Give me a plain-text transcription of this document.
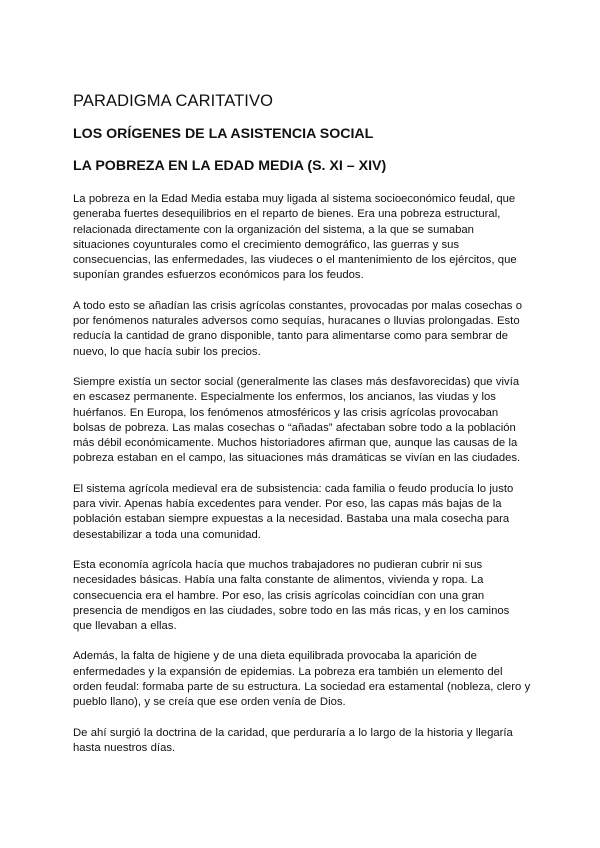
PARADIGMA CARITATIVO
LOS ORÍGENES DE LA ASISTENCIA SOCIAL
LA POBREZA EN LA EDAD MEDIA (S. XI – XIV)

La pobreza en la Edad Media estaba muy ligada al sistema socioeconómico feudal, que generaba fuertes desequilibrios en el reparto de bienes. Era una pobreza estructural, relacionada directamente con la organización del sistema, a la que se sumaban situaciones coyunturales como el crecimiento demográfico, las guerras y sus consecuencias, las enfermedades, las viudeces o el mantenimiento de los ejércitos, que suponían grandes esfuerzos económicos para los feudos.

A todo esto se añadían las crisis agrícolas constantes, provocadas por malas cosechas o por fenómenos naturales adversos como sequías, huracanes o lluvias prolongadas. Esto reducía la cantidad de grano disponible, tanto para alimentarse como para sembrar de nuevo, lo que hacía subir los precios.

Siempre existía un sector social (generalmente las clases más desfavorecidas) que vivía en escasez permanente. Especialmente los enfermos, los ancianos, las viudas y los huérfanos. En Europa, los fenómenos atmosféricos y las crisis agrícolas provocaban bolsas de pobreza. Las malas cosechas o “añadas” afectaban sobre todo a la población más débil económicamente. Muchos historiadores afirman que, aunque las causas de la pobreza estaban en el campo, las situaciones más dramáticas se vivían en las ciudades.

El sistema agrícola medieval era de subsistencia: cada familia o feudo producía lo justo para vivir. Apenas había excedentes para vender. Por eso, las capas más bajas de la población estaban siempre expuestas a la necesidad. Bastaba una mala cosecha para desestabilizar a toda una comunidad.

Esta economía agrícola hacía que muchos trabajadores no pudieran cubrir ni sus necesidades básicas. Había una falta constante de alimentos, vivienda y ropa. La consecuencia era el hambre. Por eso, las crisis agrícolas coincidían con una gran presencia de mendigos en las ciudades, sobre todo en las más ricas, y en los caminos que llevaban a ellas.

Además, la falta de higiene y de una dieta equilibrada provocaba la aparición de enfermedades y la expansión de epidemias. La pobreza era también un elemento del orden feudal: formaba parte de su estructura. La sociedad era estamental (nobleza, clero y pueblo llano), y se creía que ese orden venía de Dios.

De ahí surgió la doctrina de la caridad, que perduraría a lo largo de la historia y llegaría hasta nuestros días.
